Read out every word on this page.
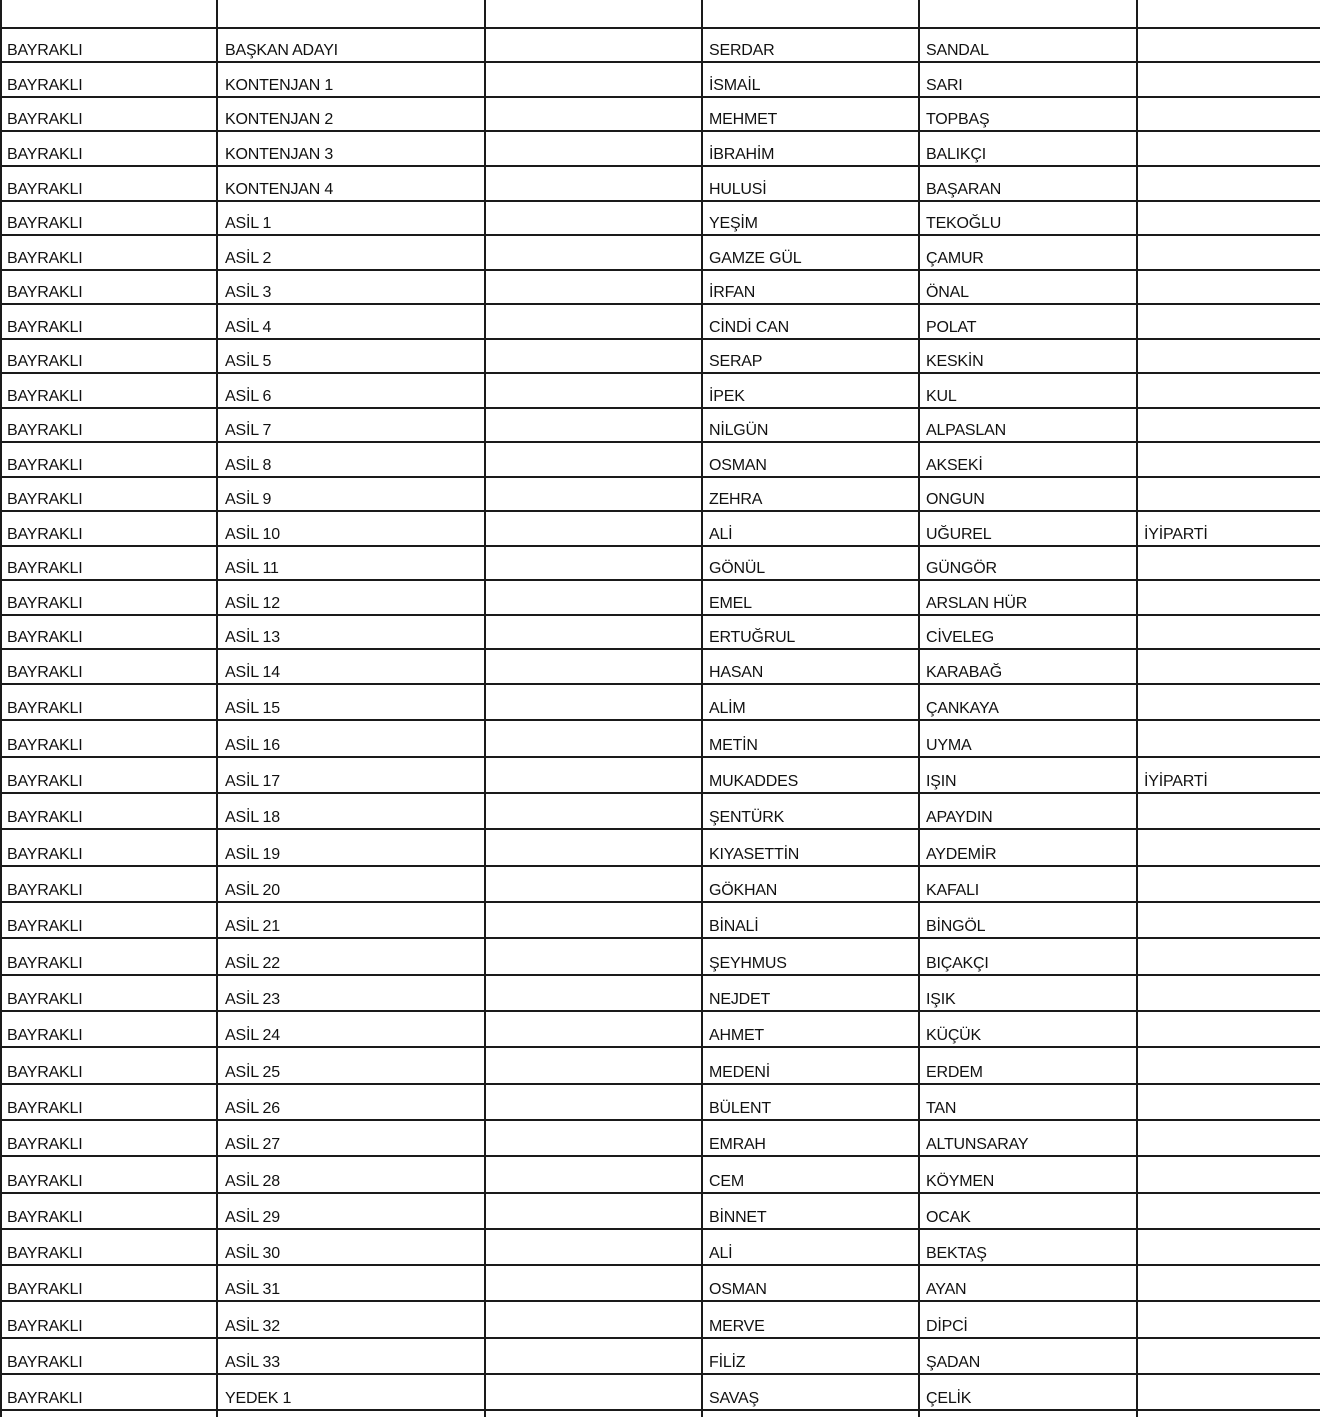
BAYRAKLI	BAŞKAN ADAYI	SERDAR	SANDAL
BAYRAKLI	KONTENJAN 1	İSMAİL	SARI
BAYRAKLI	KONTENJAN 2	MEHMET	TOPBAŞ
BAYRAKLI	KONTENJAN 3	İBRAHİM	BALIKÇI
BAYRAKLI	KONTENJAN 4	HULUSİ	BAŞARAN
BAYRAKLI	ASİL 1	YEŞİM	TEKOĞLU
BAYRAKLI	ASİL 2	GAMZE GÜL	ÇAMUR
BAYRAKLI	ASİL 3	İRFAN	ÖNAL
BAYRAKLI	ASİL 4	CİNDİ CAN	POLAT
BAYRAKLI	ASİL 5	SERAP	KESKİN
BAYRAKLI	ASİL 6	İPEK	KUL
BAYRAKLI	ASİL 7	NİLGÜN	ALPASLAN
BAYRAKLI	ASİL 8	OSMAN	AKSEKİ
BAYRAKLI	ASİL 9	ZEHRA	ONGUN
BAYRAKLI	ASİL 10	ALİ	UĞUREL	İYİPARTİ
BAYRAKLI	ASİL 11	GÖNÜL	GÜNGÖR
BAYRAKLI	ASİL 12	EMEL	ARSLAN HÜR
BAYRAKLI	ASİL 13	ERTUĞRUL	CİVELEG
BAYRAKLI	ASİL 14	HASAN	KARABAĞ
BAYRAKLI	ASİL 15	ALİM	ÇANKAYA
BAYRAKLI	ASİL 16	METİN	UYMA
BAYRAKLI	ASİL 17	MUKADDES	IŞIN	İYİPARTİ
BAYRAKLI	ASİL 18	ŞENTÜRK	APAYDIN
BAYRAKLI	ASİL 19	KIYASETTİN	AYDEMİR
BAYRAKLI	ASİL 20	GÖKHAN	KAFALI
BAYRAKLI	ASİL 21	BİNALİ	BİNGÖL
BAYRAKLI	ASİL 22	ŞEYHMUS	BIÇAKÇI
BAYRAKLI	ASİL 23	NEJDET	IŞIK
BAYRAKLI	ASİL 24	AHMET	KÜÇÜK
BAYRAKLI	ASİL 25	MEDENİ	ERDEM
BAYRAKLI	ASİL 26	BÜLENT	TAN
BAYRAKLI	ASİL 27	EMRAH	ALTUNSARAY
BAYRAKLI	ASİL 28	CEM	KÖYMEN
BAYRAKLI	ASİL 29	BİNNET	OCAK
BAYRAKLI	ASİL 30	ALİ	BEKTAŞ
BAYRAKLI	ASİL 31	OSMAN	AYAN
BAYRAKLI	ASİL 32	MERVE	DİPCİ
BAYRAKLI	ASİL 33	FİLİZ	ŞADAN
BAYRAKLI	YEDEK 1	SAVAŞ	ÇELİK
